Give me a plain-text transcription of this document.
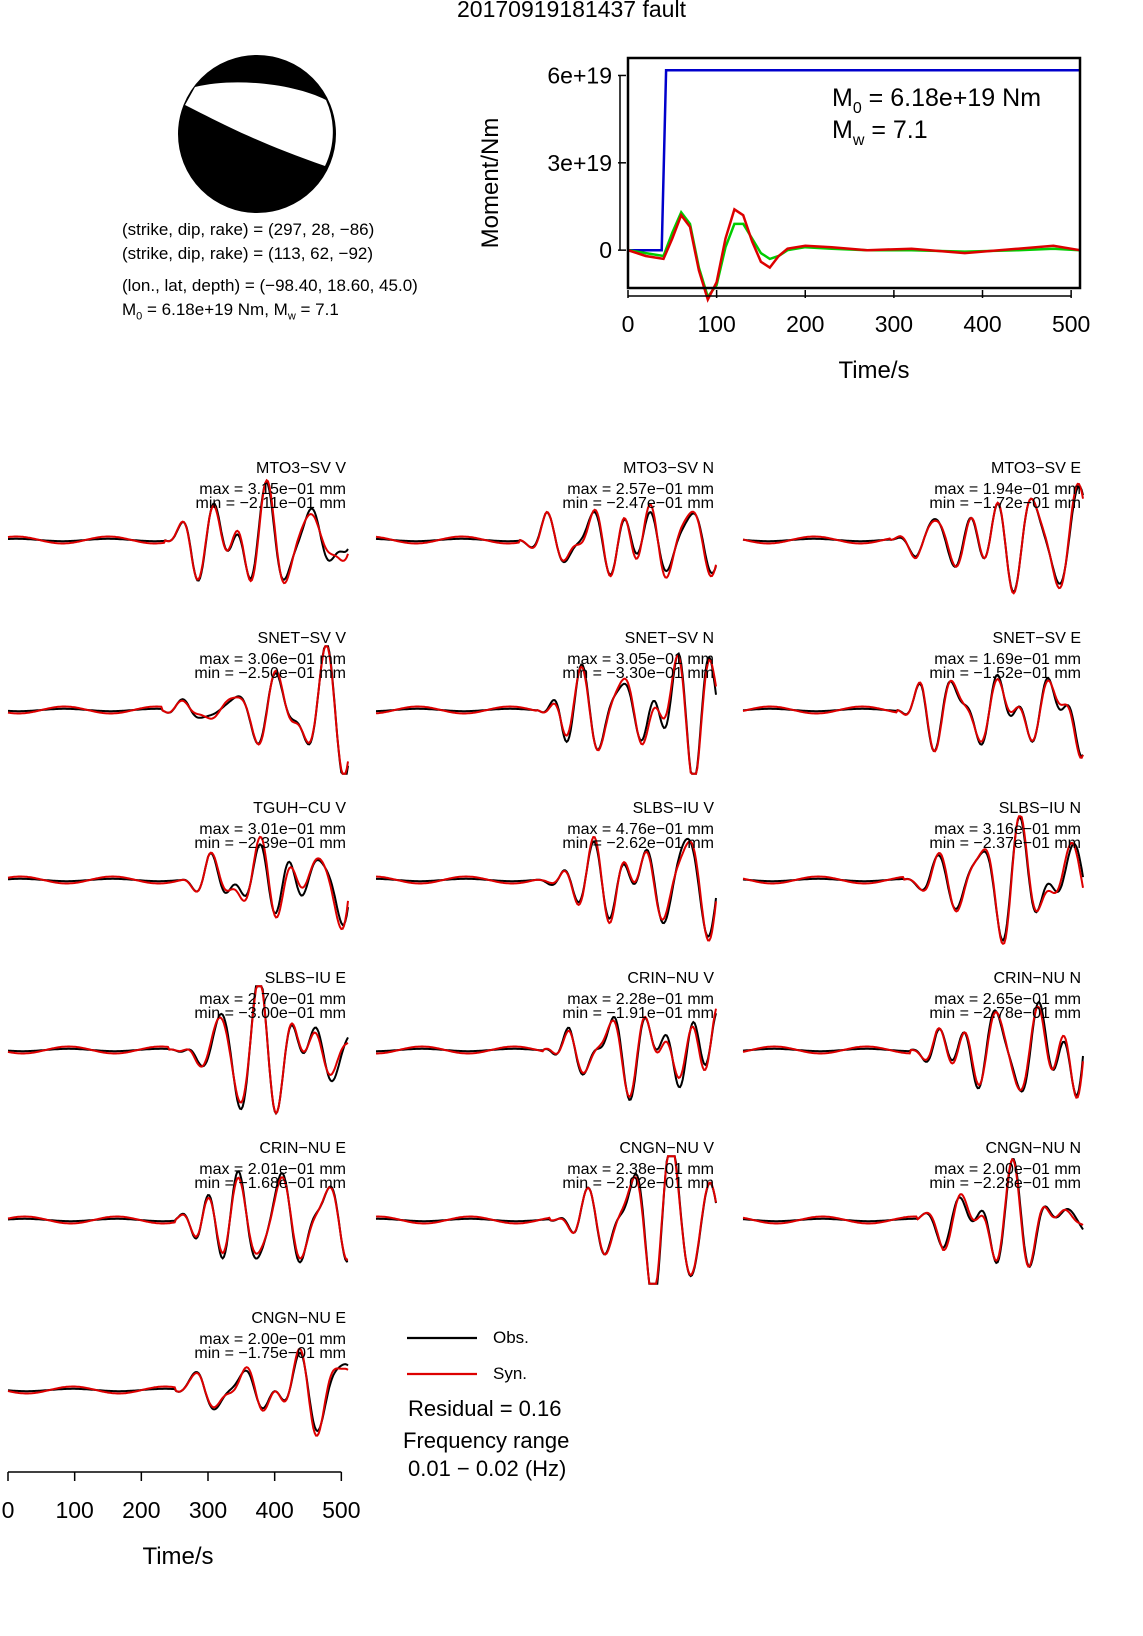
20170919181437 fault
(strike, dip, rake) = (297, 28, −86)
(strike, dip, rake) = (113, 62, −92)
(lon., lat, depth) = (−98.40, 18.60, 45.0)
$M_0 = 6.18e+19$ Nm, $M_w = 7.1$
0	100 200 300 400 500
0
3e+19
6e+19
Time/s
Moment/Nm
$M_0 = 6.18e+19$ Nm
$M_w = 7.1$
MTO3−SV V
max = 3.15e−01 mm
min = −2.11e−01 mm
MTO3−SV N
max = 2.57e−01 mm
min = −2.47e−01 mm
MTO3−SV E
max = 1.94e−01 mm
min = −1.72e−01 mm
SNET−SV V
max = 3.06e−01 mm
min = −2.50e−01 mm
SNET−SV N
max = 3.05e−01 mm
min = −3.30e−01 mm
SNET−SV E
max = 1.69e−01 mm
min = −1.52e−01 mm
TGUH−CU V
max = 3.01e−01 mm
min = −2.39e−01 mm
SLBS−IU V
max = 4.76e−01 mm
min = −2.62e−01 mm
SLBS−IU N
max = 3.16e−01 mm
min = −2.37e−01 mm
SLBS−IU E
max = 2.70e−01 mm
min = −3.00e−01 mm
CRIN−NU V
max = 2.28e−01 mm
min = −1.91e−01 mm
CRIN−NU N
max = 2.65e−01 mm
min = −2.78e−01 mm
CRIN−NU E
max = 2.01e−01 mm
min = −1.68e−01 mm
CNGN−NU V
max = 2.38e−01 mm
min = −2.02e−01 mm
CNGN−NU N
max = 2.00e−01 mm
min = −2.28e−01 mm
CNGN−NU E
max = 2.00e−01 mm
min = −1.75e−01 mm
0 100 200 300 400 500
Time/s
Obs.
Syn.
Residual = 0.16
Frequency range
0.01 − 0.02 (Hz)
